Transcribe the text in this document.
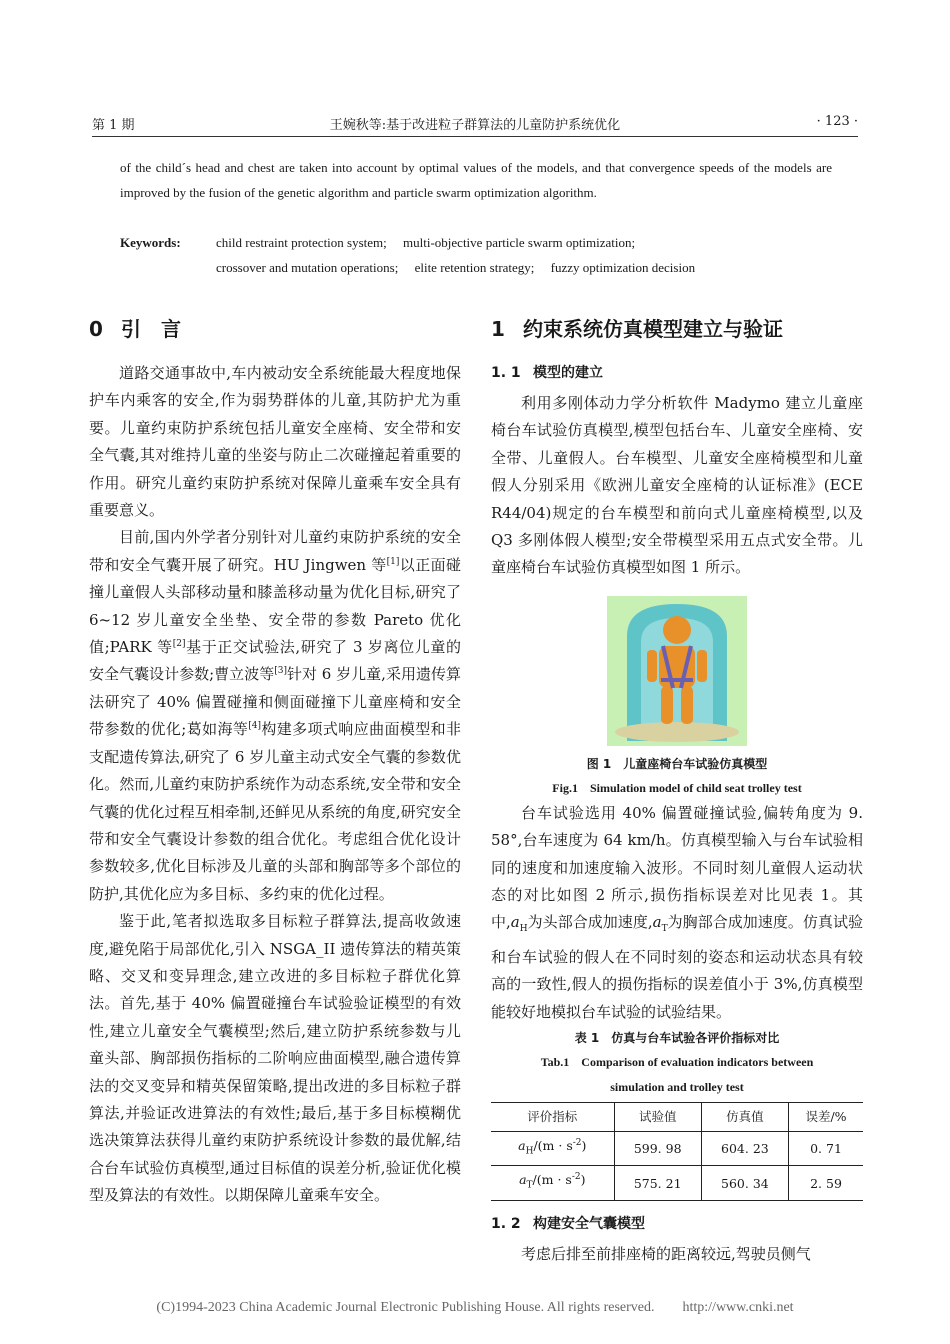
第 1 期	王婉秋等:基于改进粒子群算法的儿童防护系统优化	· 123 ·
of the child´s head and chest are taken into account by optimal values of the models, and that convergence speeds of the models are improved by the fusion of the genetic algorithm and particle swarm optimization algorithm.
Keywords:	child restraint protection system;  multi-objective particle swarm optimization;  crossover and mutation operations;  elite retention strategy;  fuzzy optimization decision
0 引　言

道路交通事故中,车内被动安全系统能最大程度地保护车内乘客的安全,作为弱势群体的儿童,其防护尤为重要。儿童约束防护系统包括儿童安全座椅、安全带和安全气囊,其对维持儿童的坐姿与防止二次碰撞起着重要的作用。研究儿童约束防护系统对保障儿童乘车安全具有重要意义。

目前,国内外学者分别针对儿童约束防护系统的安全带和安全气囊开展了研究。HU Jingwen 等[1]以正面碰撞儿童假人头部移动量和膝盖移动量为优化目标,研究了 6~12 岁儿童安全坐垫、安全带的参数 Pareto 优化值;PARK 等[2]基于正交试验法,研究了 3 岁离位儿童的安全气囊设计参数;曹立波等[3]针对 6 岁儿童,采用遗传算法研究了 40% 偏置碰撞和侧面碰撞下儿童座椅和安全带参数的优化;葛如海等[4]构建多项式响应曲面模型和非支配遗传算法,研究了 6 岁儿童主动式安全气囊的参数优化。然而,儿童约束防护系统作为动态系统,安全带和安全气囊的优化过程互相牵制,还鲜见从系统的角度,研究安全带和安全气囊设计参数的组合优化。考虑组合优化设计参数较多,优化目标涉及儿童的头部和胸部等多个部位的防护,其优化应为多目标、多约束的优化过程。

鉴于此,笔者拟选取多目标粒子群算法,提高收敛速度,避免陷于局部优化,引入 NSGA_II 遗传算法的精英策略、交叉和变异理念,建立改进的多目标粒子群优化算法。首先,基于 40% 偏置碰撞台车试验验证模型的有效性,建立儿童安全气囊模型;然后,建立防护系统参数与儿童头部、胸部损伤指标的二阶响应曲面模型,融合遗传算法的交叉变异和精英保留策略,提出改进的多目标粒子群算法,并验证改进算法的有效性;最后,基于多目标模糊优选决策算法获得儿童约束防护系统设计参数的最优解,结合台车试验仿真模型,通过目标值的误差分析,验证优化模型及算法的有效性。以期保障儿童乘车安全。

1 约束系统仿真模型建立与验证
1. 1 模型的建立

利用多刚体动力学分析软件 Madymo 建立儿童座椅台车试验仿真模型,模型包括台车、儿童安全座椅、安全带、儿童假人。台车模型、儿童安全座椅模型和儿童假人分别采用《欧洲儿童安全座椅的认证标准》(ECE R44/04)规定的台车模型和前向式儿童座椅模型,以及 Q3 多刚体假人模型;安全带模型采用五点式安全带。儿童座椅台车试验仿真模型如图 1 所示。

图 1　儿童座椅台车试验仿真模型
Fig.1　Simulation model of child seat trolley test

台车试验选用 40% 偏置碰撞试验,偏转角度为 9. 58°,台车速度为 64 km/h。仿真模型输入与台车试验相同的速度和加速度输入波形。不同时刻儿童假人运动状态的对比如图 2 所示,损伤指标误差对比见表 1。其中$,a_H$为头部合成加速度$,a_T$为胸部合成加速度。仿真试验和台车试验的假人在不同时刻的姿态和运动状态具有较高的一致性,假人的损伤指标的误差值小于 3%,仿真模型能较好地模拟台车试验的试验结果。

表 1　仿真与台车试验各评价指标对比
Tab.1　Comparison of evaluation indicators between
simulation and trolley test
评价指标	试验值	仿真值	误差/%
$a_H/(m \cdot s^{-2})$	599. 98	604. 23	0. 71
$a_T/(m \cdot s^{-2})$	575. 21	560. 34	2. 59
1. 2 构建安全气囊模型

考虑后排至前排座椅的距离较远,驾驶员侧气

(C)1994-2023 China Academic Journal Electronic Publishing House. All rights reserved.　　http://www.cnki.net
